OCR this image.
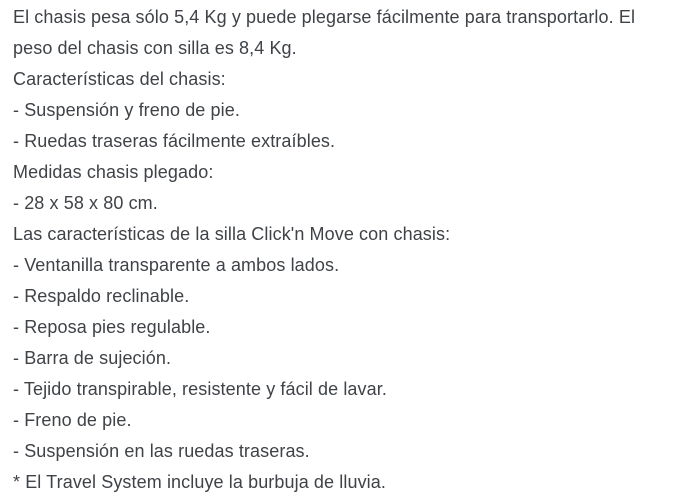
El chasis pesa sólo 5,4 Kg y puede plegarse fácilmente para transportarlo. El
peso del chasis con silla es 8,4 Kg.
Características del chasis:
- Suspensión y freno de pie.
- Ruedas traseras fácilmente extraíbles.
Medidas chasis plegado:
- 28 x 58 x 80 cm.
Las características de la silla Click'n Move con chasis:
- Ventanilla transparente a ambos lados.
- Respaldo reclinable.
- Reposa pies regulable.
- Barra de sujeción.
- Tejido transpirable, resistente y fácil de lavar.
- Freno de pie.
- Suspensión en las ruedas traseras.
* El Travel System incluye la burbuja de lluvia.
